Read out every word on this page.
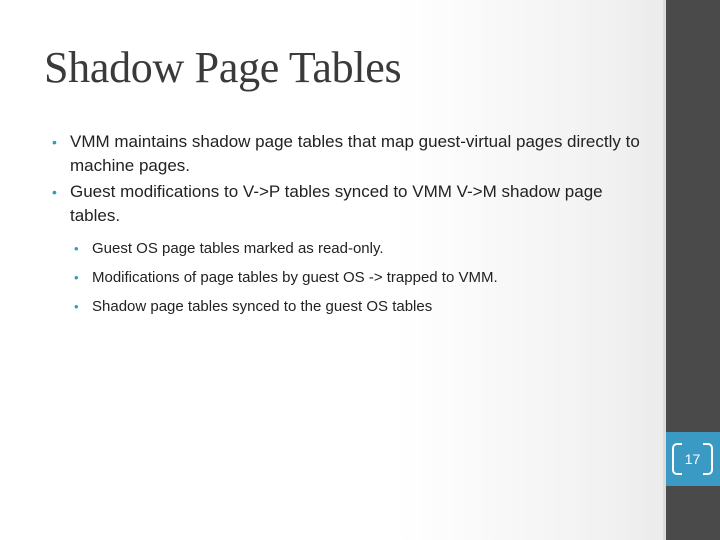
Shadow Page Tables
• VMM maintains shadow page tables that map guest-virtual pages directly to machine pages.
• Guest modifications to V->P tables synced to VMM V->M shadow page tables.
• Guest OS page tables marked as read-only.
• Modifications of page tables by guest OS -> trapped to VMM.
• Shadow page tables synced to the guest OS tables
17
